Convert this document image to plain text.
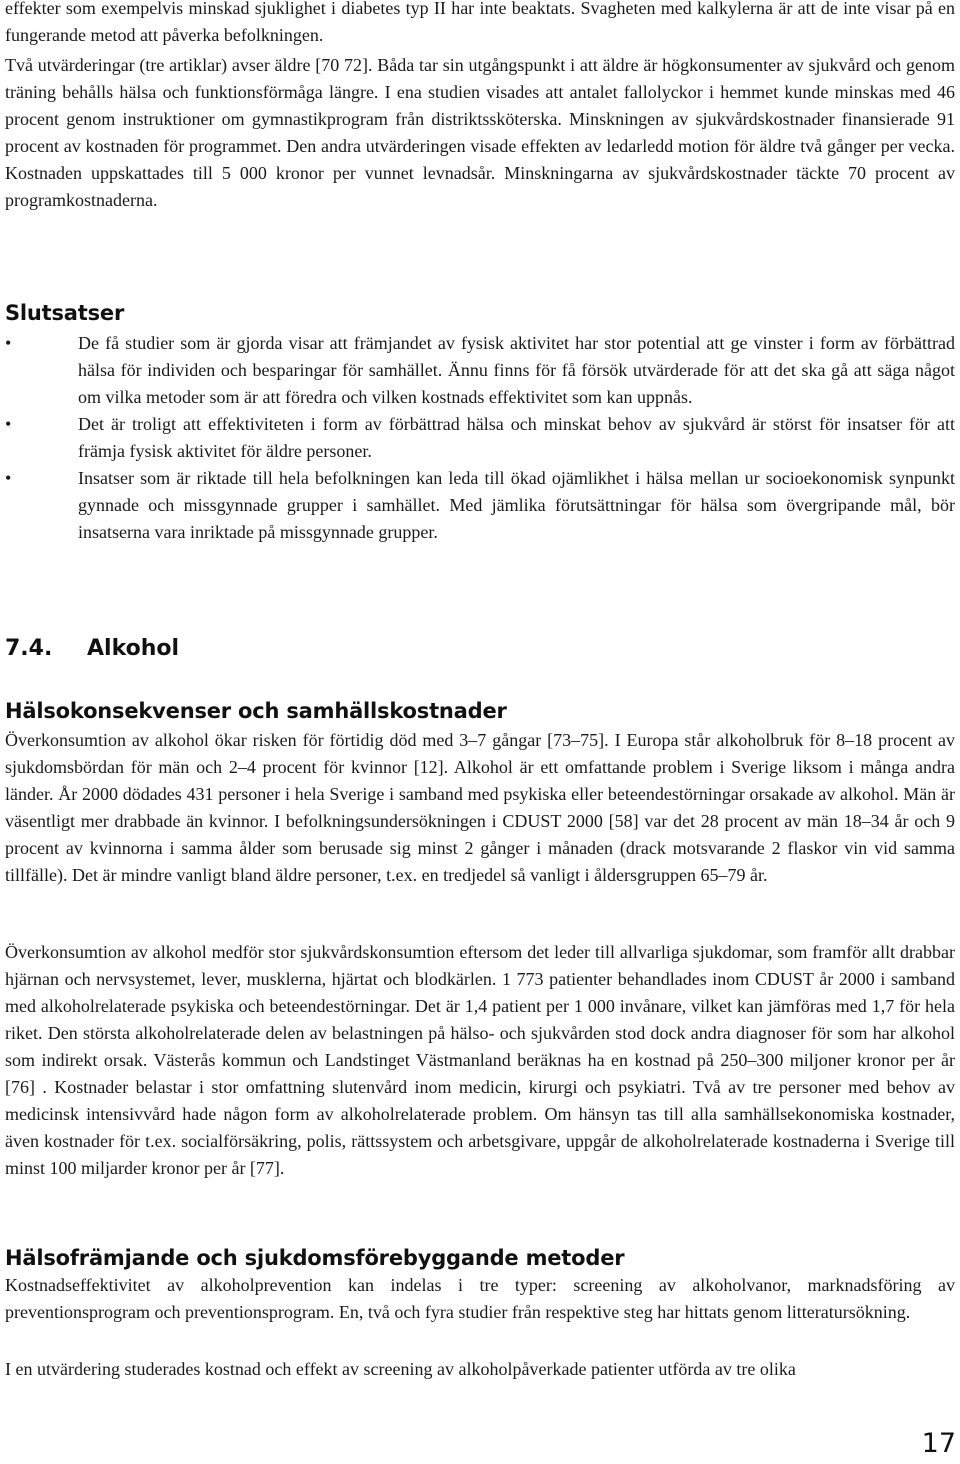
effekter som exempelvis minskad sjuklighet i diabetes typ II har inte beaktats. Svagheten med kalkylerna är att de inte visar på en fungerande metod att påverka befolkningen.

Två utvärderingar (tre artiklar) avser äldre [70 72]. Båda tar sin utgångspunkt i att äldre är högkonsumenter av sjukvård och genom träning behålls hälsa och funktionsförmåga längre. I ena studien visades att antalet fallolyckor i hemmet kunde minskas med 46 procent genom instruktioner om gymnastikprogram från distriktssköterska. Minskningen av sjukvårdskostnader finansierade 91 procent av kostnaden för programmet. Den andra utvärderingen visade effekten av ledarledd motion för äldre två gånger per vecka. Kostnaden uppskattades till 5 000 kronor per vunnet levnadsår. Minskningarna av sjukvårdskostnader täckte 70 procent av programkostnaderna.

Slutsatser
•	De få studier som är gjorda visar att främjandet av fysisk aktivitet har stor potential att ge vinster i form av förbättrad hälsa för individen och besparingar för samhället. Ännu finns för få försök utvärderade för att det ska gå att säga något om vilka metoder som är att föredra och vilken kostnads effektivitet som kan uppnås.

•	Det är troligt att effektiviteten i form av förbättrad hälsa och minskat behov av sjukvård är störst för insatser för att främja fysisk aktivitet för äldre personer.

•	Insatser som är riktade till hela befolkningen kan leda till ökad ojämlikhet i hälsa mellan ur socioekonomisk synpunkt gynnade och missgynnade grupper i samhället. Med jämlika förutsättningar för hälsa som övergripande mål, bör insatserna vara inriktade på missgynnade grupper.

7.4. Alkohol
Hälsokonsekvenser och samhällskostnader

Överkonsumtion av alkohol ökar risken för förtidig död med 3–7 gångar [73–75]. I Europa står alkoholbruk för 8–18 procent av sjukdomsbördan för män och 2–4 procent för kvinnor [12]. Alkohol är ett omfattande problem i Sverige liksom i många andra länder. År 2000 dödades 431 personer i hela Sverige i samband med psykiska eller beteendestörningar orsakade av alkohol. Män är väsentligt mer drabbade än kvinnor. I befolkningsundersökningen i CDUST 2000 [58] var det 28 procent av män 18–34 år och 9 procent av kvinnorna i samma ålder som berusade sig minst 2 gånger i månaden (drack motsvarande 2 flaskor vin vid samma tillfälle). Det är mindre vanligt bland äldre personer, t.ex. en tredjedel så vanligt i åldersgruppen 65–79 år.

Överkonsumtion av alkohol medför stor sjukvårdskonsumtion eftersom det leder till allvarliga sjukdomar, som framför allt drabbar hjärnan och nervsystemet, lever, musklerna, hjärtat och blodkärlen. 1 773 patienter behandlades inom CDUST år 2000 i samband med alkoholrelaterade psykiska och beteendestörningar. Det är 1,4 patient per 1 000 invånare, vilket kan jämföras med 1,7 för hela riket. Den största alkoholrelaterade delen av belastningen på hälso- och sjukvården stod dock andra diagnoser för som har alkohol som indirekt orsak. Västerås kommun och Landstinget Västmanland beräknas ha en kostnad på 250–300 miljoner kronor per år [76] . Kostnader belastar i stor omfattning slutenvård inom medicin, kirurgi och psykiatri. Två av tre personer med behov av medicinsk intensivvård hade någon form av alkoholrelaterade problem. Om hänsyn tas till alla samhällsekonomiska kostnader, även kostnader för t.ex. socialförsäkring, polis, rättssystem och arbetsgivare, uppgår de alkoholrelaterade kostnaderna i Sverige till minst 100 miljarder kronor per år [77].

Hälsofrämjande och sjukdomsförebyggande metoder

Kostnadseffektivitet av alkoholprevention kan indelas i tre typer: screening av alkoholvanor, marknadsföring av preventionsprogram och preventionsprogram. En, två och fyra studier från respektive steg har hittats genom litteratursökning.

I en utvärdering studerades kostnad och effekt av screening av alkoholpåverkade patienter utförda av tre olika

17
